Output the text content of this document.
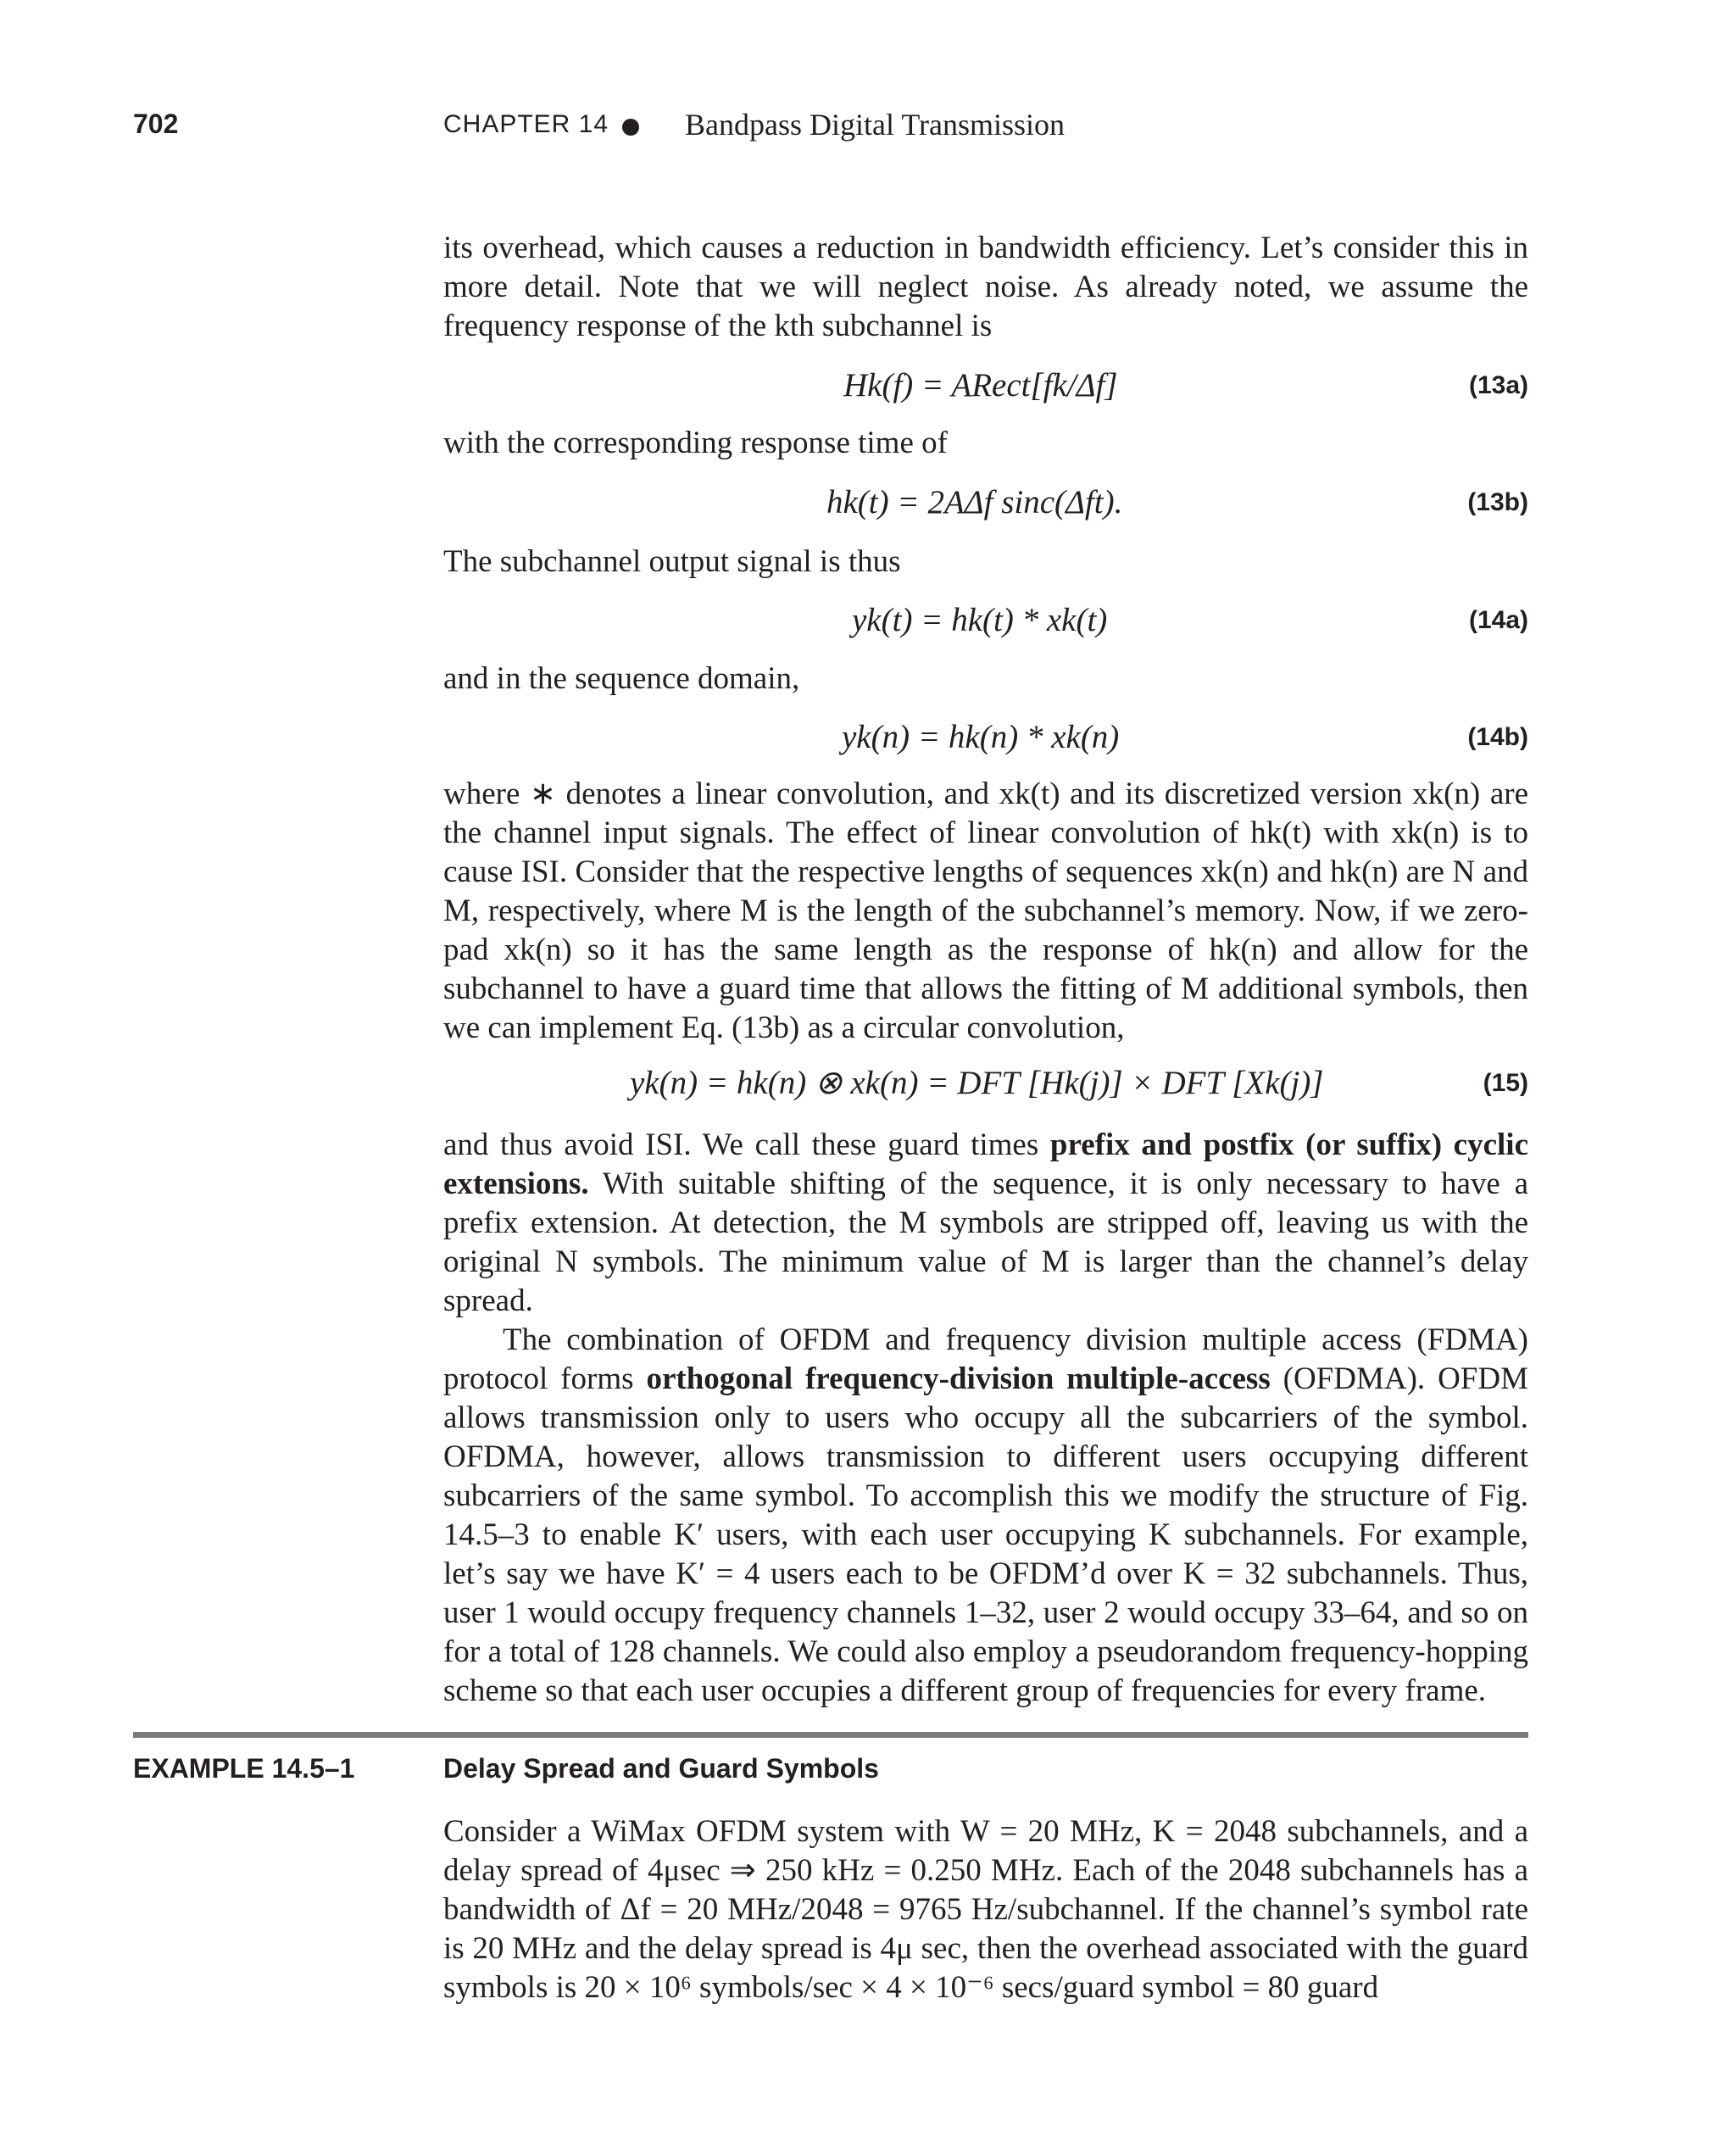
702	CHAPTER 14 Bandpass Digital Transmission

its overhead, which causes a reduction in bandwidth efficiency. Let’s consider this in more detail. Note that we will neglect noise. As already noted, we assume the frequency response of the kth subchannel is

Hk(f) = ARect[fk/Δf]	(13a)

with the corresponding response time of

hk(t) = 2AΔf sinc(Δft).	(13b)

The subchannel output signal is thus

yk(t) = hk(t) * xk(t)	(14a)

and in the sequence domain,

yk(n) = hk(n) * xk(n)	(14b)

where ∗ denotes a linear convolution, and xk(t) and its discretized version xk(n) are the channel input signals. The effect of linear convolution of hk(t) with xk(n) is to cause ISI. Consider that the respective lengths of sequences xk(n) and hk(n) are N and M, respectively, where M is the length of the subchannel’s memory. Now, if we zero-pad xk(n) so it has the same length as the response of hk(n) and allow for the subchannel to have a guard time that allows the fitting of M additional symbols, then we can implement Eq. (13b) as a circular convolution,

yk(n) = hk(n) ⊗ xk(n) = DFT [Hk(j)] × DFT [Xk(j)]	(15)

and thus avoid ISI. We call these guard times prefix and postfix (or suffix) cyclic extensions. With suitable shifting of the sequence, it is only necessary to have a prefix extension. At detection, the M symbols are stripped off, leaving us with the original N symbols. The minimum value of M is larger than the channel’s delay spread.

The combination of OFDM and frequency division multiple access (FDMA) protocol forms orthogonal frequency-division multiple-access (OFDMA). OFDM allows transmission only to users who occupy all the subcarriers of the symbol. OFDMA, however, allows transmission to different users occupying different subcarriers of the same symbol. To accomplish this we modify the structure of Fig. 14.5–3 to enable K′ users, with each user occupying K subchannels. For example, let’s say we have K′ = 4 users each to be OFDM’d over K = 32 subchannels. Thus, user 1 would occupy frequency channels 1–32, user 2 would occupy 33–64, and so on for a total of 128 channels. We could also employ a pseudorandom frequency-hopping scheme so that each user occupies a different group of frequencies for every frame.

EXAMPLE 14.5–1	Delay Spread and Guard Symbols

Consider a WiMax OFDM system with W = 20 MHz, K = 2048 subchannels, and a delay spread of 4μsec ⇒ 250 kHz = 0.250 MHz. Each of the 2048 subchannels has a bandwidth of Δf = 20 MHz/2048 = 9765 Hz/subchannel. If the channel’s symbol rate is 20 MHz and the delay spread is 4μ sec, then the overhead associated with the guard symbols is 20 × 10⁶ symbols/sec × 4 × 10⁻⁶ secs/guard symbol = 80 guard
